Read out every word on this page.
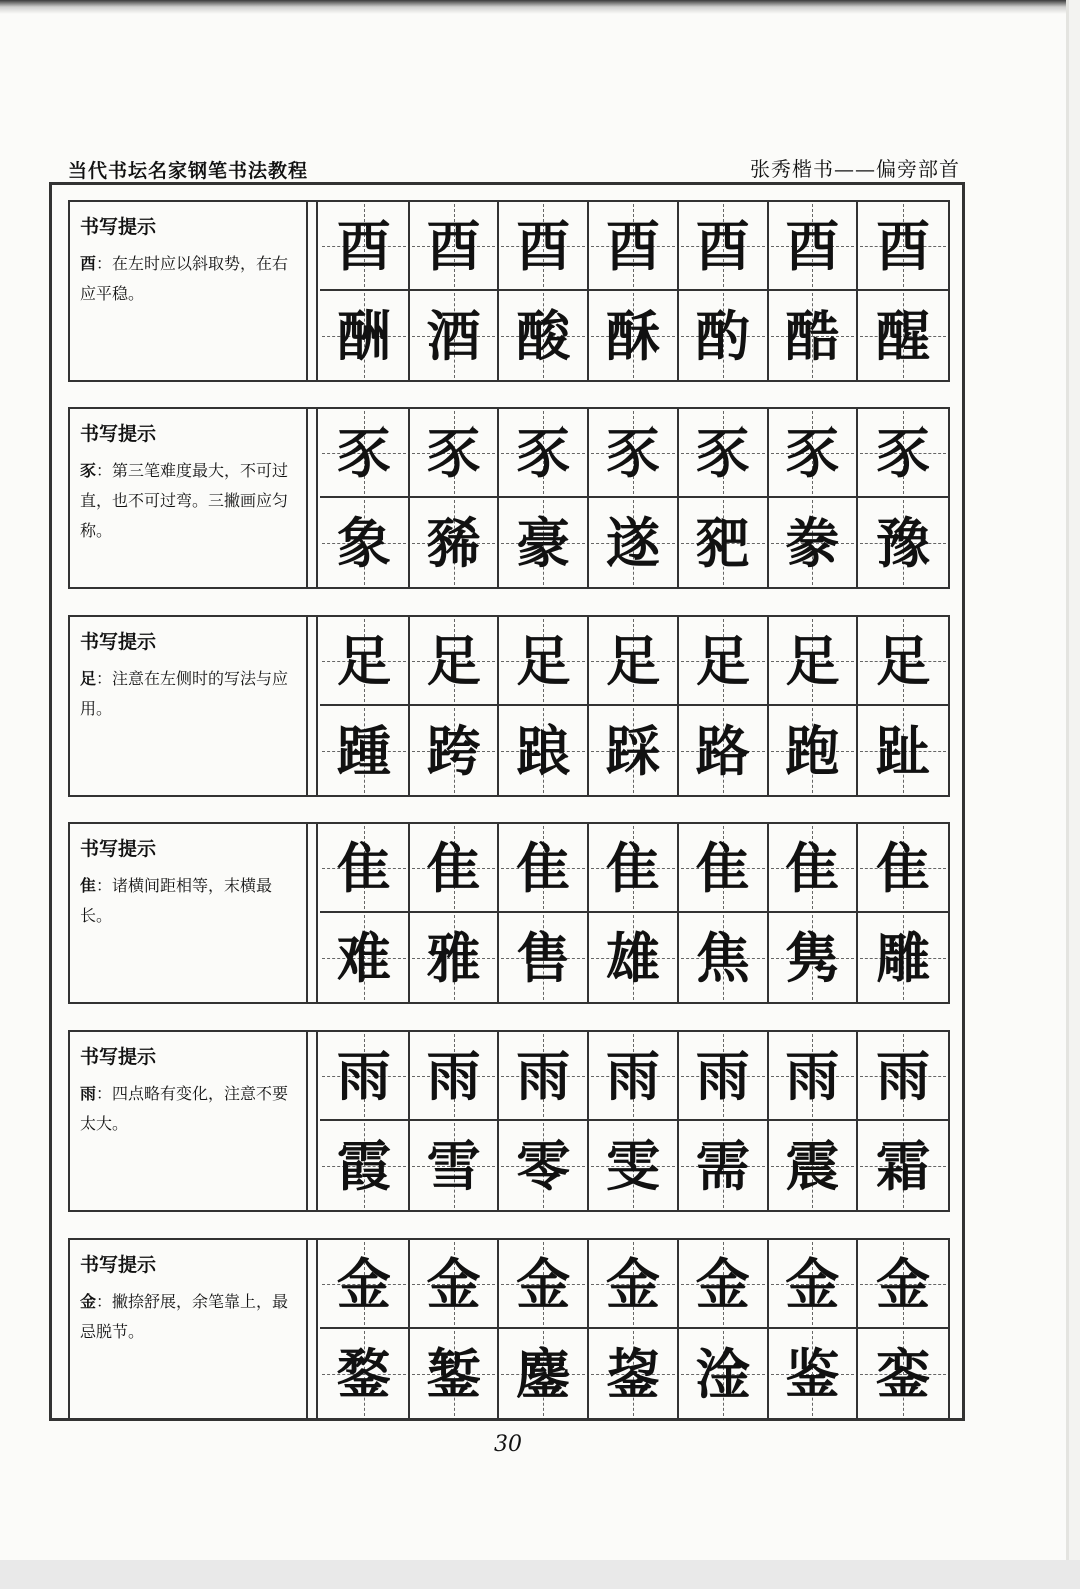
当代书坛名家钢笔书法教程	张秀楷书——偏旁部首
书写提示
酉：在左时应以斜取势，在右应平稳。
酉 酉 酉 酉 酉 酉 酉
酬 酒 酸 酥 酌 酷 醒
书写提示
豕：第三笔难度最大，不可过直，也不可过弯。三撇画应匀称。
豕 豕 豕 豕 豕 豕 豕
象 豨 豪 遂 豝 豢 豫
书写提示
足：注意在左侧时的写法与应用。
足 足 足 足 足 足 足
踵 跨 踉 踩 路 跑 趾
书写提示
隹：诸横间距相等，末横最长。
隹 隹 隹 隹 隹 隹 隹
难 雅 售 雄 焦 隽 雕
书写提示
雨：四点略有变化，注意不要太大。
雨 雨 雨 雨 雨 雨 雨
霞 雪 零 雯 需 震 霜
书写提示
金：撇捺舒展，余笔靠上，最忌脱节。
金 金 金 金 金 金 金
鍪 錾 鏖 鋆 淦 鉴 銮
30
